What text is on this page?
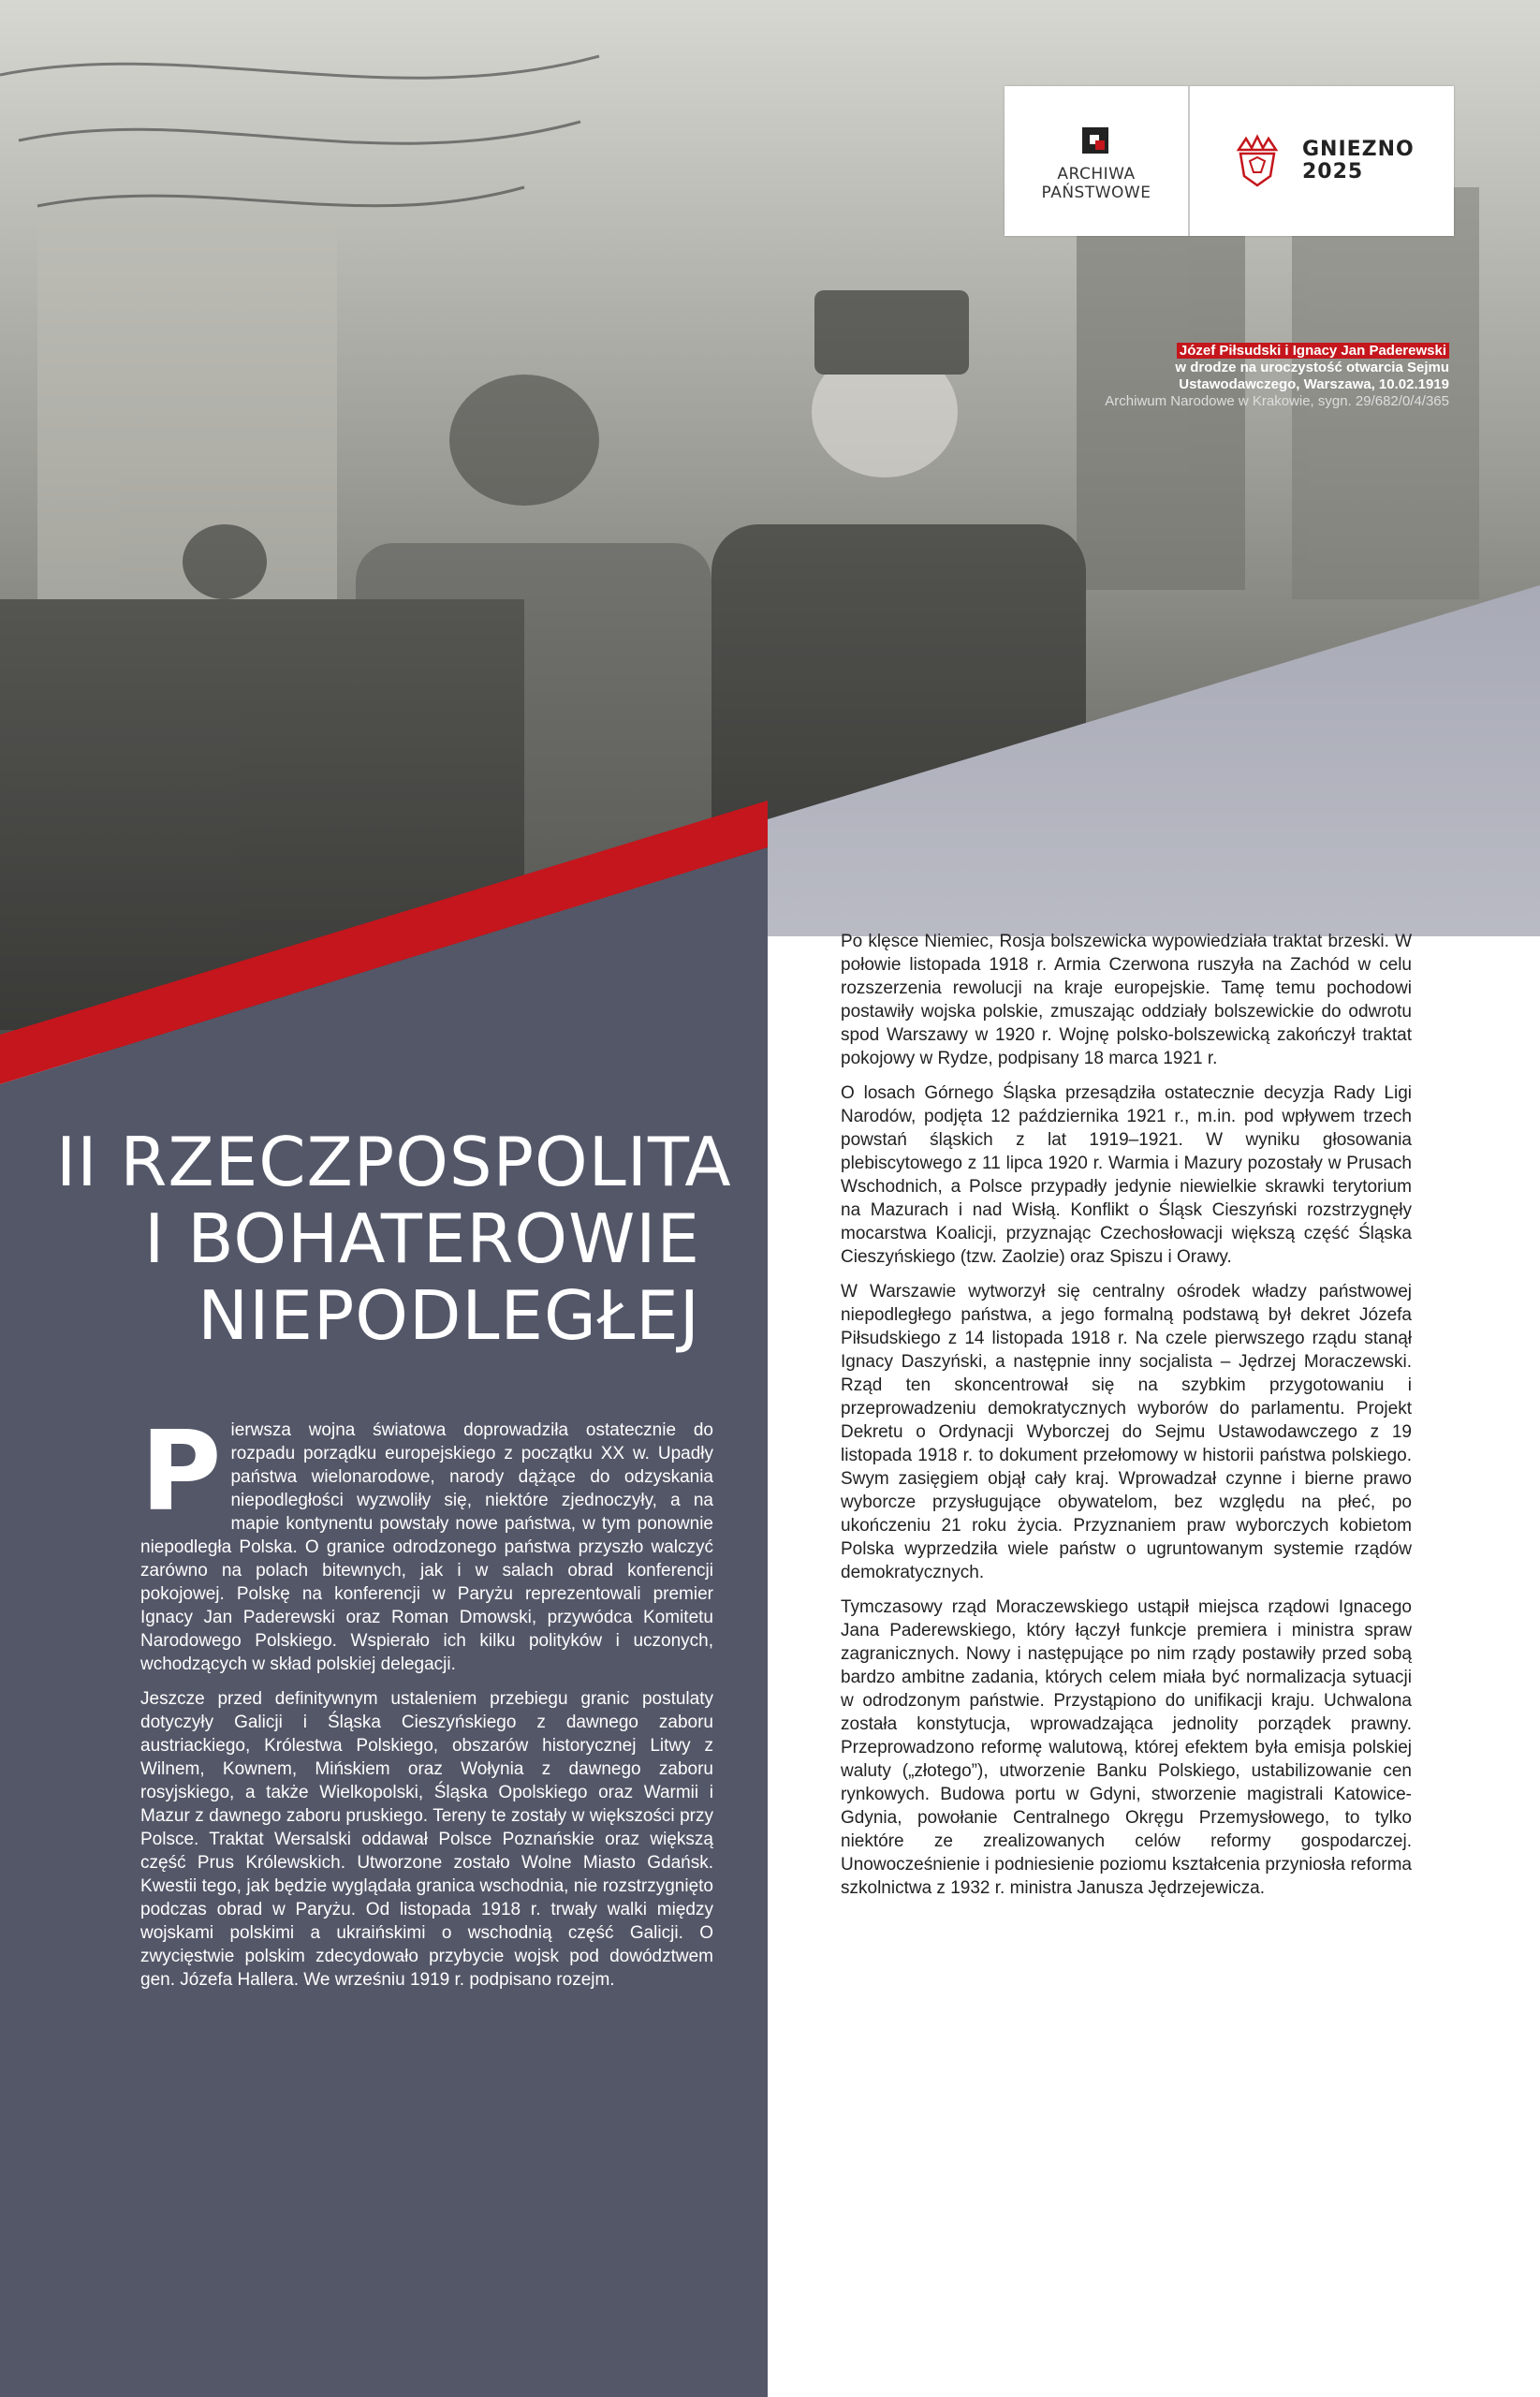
ARCHIWA
PAŃSTWOWE
GNIEZNO
2025
Józef Piłsudski i Ignacy Jan Paderewski
w drodze na uroczystość otwarcia Sejmu
Ustawodawczego, Warszawa, 10.02.1919
Archiwum Narodowe w Krakowie, sygn. 29/682/0/4/365
II RZECZPOSPOLITA
I BOHATEROWIE
NIEPODLEGŁEJ

Pierwsza wojna światowa doprowadziła ostatecznie do rozpadu porządku europejskiego z początku XX w. Upadły państwa wielonarodowe, narody dążące do odzyskania niepodległości wyzwoliły się, niektóre zjednoczyły, a na mapie kontynentu powstały nowe państwa, w tym ponownie niepodległa Polska. O granice odrodzonego państwa przyszło walczyć zarówno na polach bitewnych, jak i w salach obrad konferencji pokojowej. Polskę na konferencji w Paryżu reprezentowali premier Ignacy Jan Paderewski oraz Roman Dmowski, przywódca Komitetu Narodowego Polskiego. Wspierało ich kilku polityków i uczonych, wchodzących w skład polskiej delegacji.

Jeszcze przed definitywnym ustaleniem przebiegu granic postulaty dotyczyły Galicji i Śląska Cieszyńskiego z dawnego zaboru austriackiego, Królestwa Polskiego, obszarów historycznej Litwy z Wilnem, Kownem, Mińskiem oraz Wołynia z dawnego zaboru rosyjskiego, a także Wielkopolski, Śląska Opolskiego oraz Warmii i Mazur z dawnego zaboru pruskiego. Tereny te zostały w większości przy Polsce. Traktat Wersalski oddawał Polsce Poznańskie oraz większą część Prus Królewskich. Utworzone zostało Wolne Miasto Gdańsk. Kwestii tego, jak będzie wyglądała granica wschodnia, nie rozstrzygnięto podczas obrad w Paryżu. Od listopada 1918 r. trwały walki między wojskami polskimi a ukraińskimi o wschodnią część Galicji. O zwycięstwie polskim zdecydowało przybycie wojsk pod dowództwem gen. Józefa Hallera. We wrześniu 1919 r. podpisano rozejm.

Po klęsce Niemiec, Rosja bolszewicka wypowiedziała traktat brzeski. W połowie listopada 1918 r. Armia Czerwona ruszyła na Zachód w celu rozszerzenia rewolucji na kraje europejskie. Tamę temu pochodowi postawiły wojska polskie, zmuszając oddziały bolszewickie do odwrotu spod Warszawy w 1920 r. Wojnę polsko-bolszewicką zakończył traktat pokojowy w Rydze, podpisany 18 marca 1921 r.

O losach Górnego Śląska przesądziła ostatecznie decyzja Rady Ligi Narodów, podjęta 12 października 1921 r., m.in. pod wpływem trzech powstań śląskich z lat 1919–1921. W wyniku głosowania plebiscytowego z 11 lipca 1920 r. Warmia i Mazury pozostały w Prusach Wschodnich, a Polsce przypadły jedynie niewielkie skrawki terytorium na Mazurach i nad Wisłą. Konflikt o Śląsk Cieszyński rozstrzygnęły mocarstwa Koalicji, przyznając Czechosłowacji większą część Śląska Cieszyńskiego (tzw. Zaolzie) oraz Spiszu i Orawy.

W Warszawie wytworzył się centralny ośrodek władzy państwowej niepodległego państwa, a jego formalną podstawą był dekret Józefa Piłsudskiego z 14 listopada 1918 r. Na czele pierwszego rządu stanął Ignacy Daszyński, a następnie inny socjalista – Jędrzej Moraczewski. Rząd ten skoncentrował się na szybkim przygotowaniu i przeprowadzeniu demokratycznych wyborów do parlamentu. Projekt Dekretu o Ordynacji Wyborczej do Sejmu Ustawodawczego z 19 listopada 1918 r. to dokument przełomowy w historii państwa polskiego. Swym zasięgiem objął cały kraj. Wprowadzał czynne i bierne prawo wyborcze przysługujące obywatelom, bez względu na płeć, po ukończeniu 21 roku życia. Przyznaniem praw wyborczych kobietom Polska wyprzedziła wiele państw o ugruntowanym systemie rządów demokratycznych.

Tymczasowy rząd Moraczewskiego ustąpił miejsca rządowi Ignacego Jana Paderewskiego, który łączył funkcje premiera i ministra spraw zagranicznych. Nowy i następujące po nim rządy postawiły przed sobą bardzo ambitne zadania, których celem miała być normalizacja sytuacji w odrodzonym państwie. Przystąpiono do unifikacji kraju. Uchwalona została konstytucja, wprowadzająca jednolity porządek prawny. Przeprowadzono reformę walutową, której efektem była emisja polskiej waluty („złotego”), utworzenie Banku Polskiego, ustabilizowanie cen rynkowych. Budowa portu w Gdyni, stworzenie magistrali Katowice-Gdynia, powołanie Centralnego Okręgu Przemysłowego, to tylko niektóre ze zrealizowanych celów reformy gospodarczej. Unowocześnienie i podniesienie poziomu kształcenia przyniosła reforma szkolnictwa z 1932 r. ministra Janusza Jędrzejewicza.
